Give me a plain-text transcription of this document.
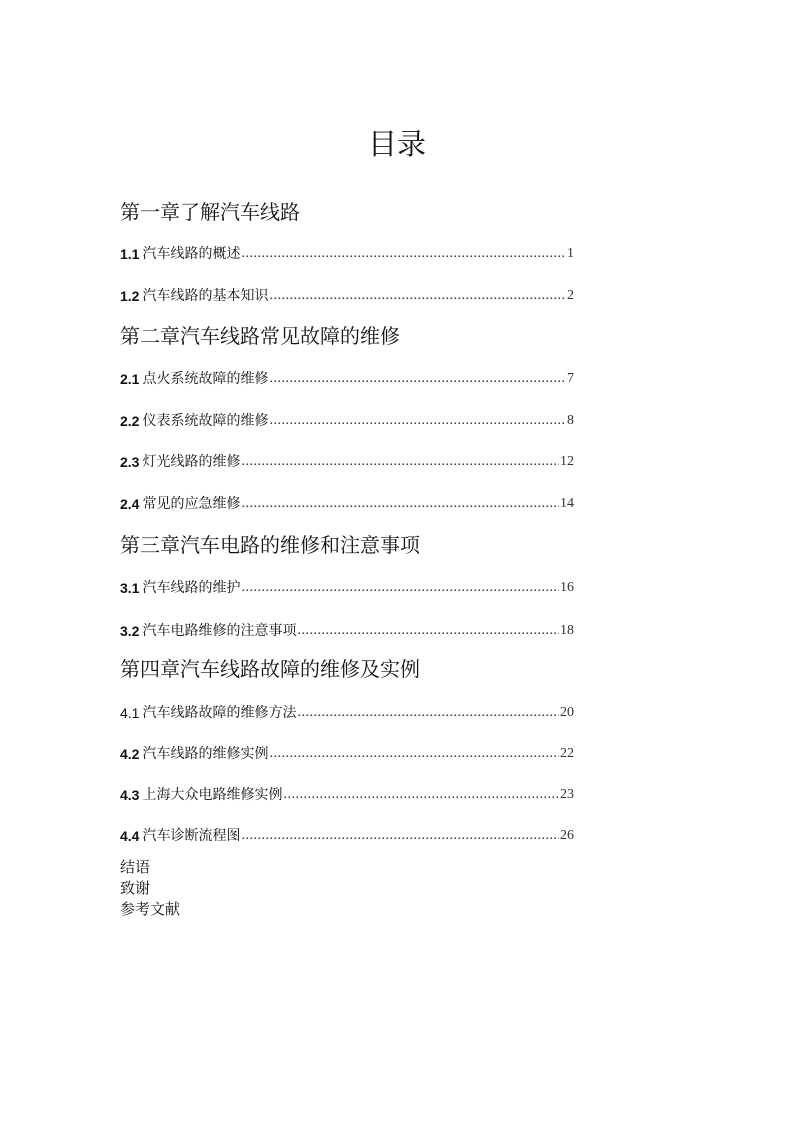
目录
第一章了解汽车线路
1.1 汽车线路的概述 .....	1
1.2 汽车线路的基本知识 .....	2
第二章汽车线路常见故障的维修
2.1 点火系统故障的维修 .....	7
2.2 仪表系统故障的维修 .....	8
2.3 灯光线路的维修 .....	12
2.4 常见的应急维修 .....	14
第三章汽车电路的维修和注意事项
3.1 汽车线路的维护 .....	16
3.2 汽车电路维修的注意事项 .....	18
第四章汽车线路故障的维修及实例
4.1 汽车线路故障的维修方法 .....	20
4.2 汽车线路的维修实例 .....	22
4.3 上海大众电路维修实例 .....	23
4.4 汽车诊断流程图 .....	26
结语
致谢
参考文献
